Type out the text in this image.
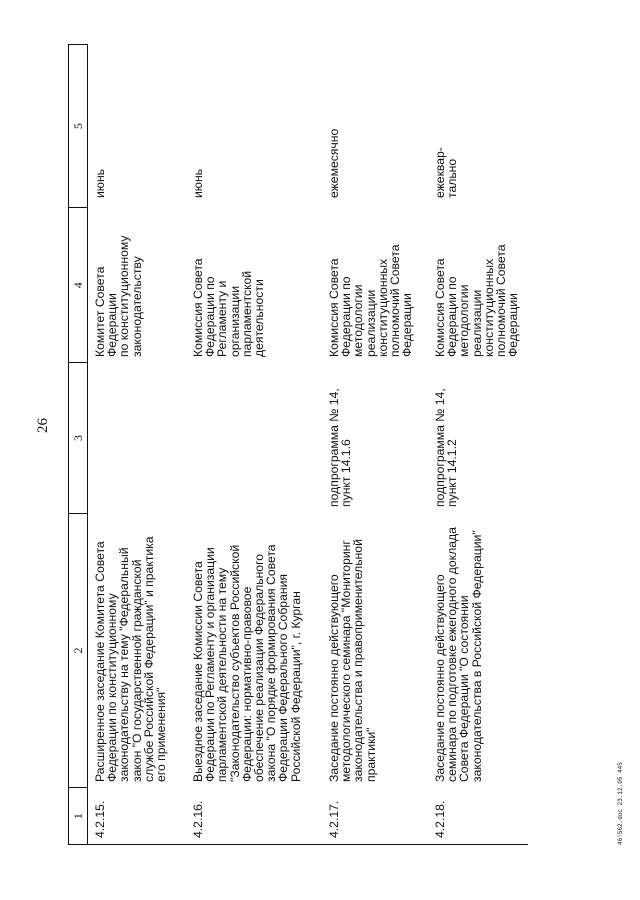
26
1
2
3
4
5
4.2.15.
Расширенное заседание Комитета Совета
Федерации по конституционному
законодательству на тему "Федеральный
закон "О государственной гражданской
службе Российской Федерации" и практика
его применения"
Комитет Совета Федерации
по конституционному
законодательству
июнь
4.2.16.
Выездное заседание Комиссии Совета
Федерации по Регламенту и организации
парламентской деятельности на тему
"Законодательство субъектов Российской
Федерации: нормативно-правовое
обеспечение реализации Федерального
закона "О порядке формирования Совета
Федерации Федерального Собрания
Российской Федерации", г. Курган
Комиссия Совета
Федерации по Регламенту и
организации парламентской
деятельности
июнь
4.2.17.
Заседание постоянно действующего
методологического семинара "Мониторинг
законодательства и правоприменительной
практики"
подпрограмма № 14,
пункт 14.1.6
Комиссия Совета
Федерации по методологии
реализации
конституционных
полномочий Совета
Федерации
ежемесячно
4.2.18.
Заседание постоянно действующего
семинара по подготовке ежегодного доклада
Совета Федерации "О состоянии
законодательства в Российской Федерации"
подпрограмма № 14,
пункт 14.1.2
Комиссия Совета
Федерации по методологии
реализации
конституционных
полномочий Совета
Федерации
ежеквар-
тально
46!562.doc 23.12.05 445
